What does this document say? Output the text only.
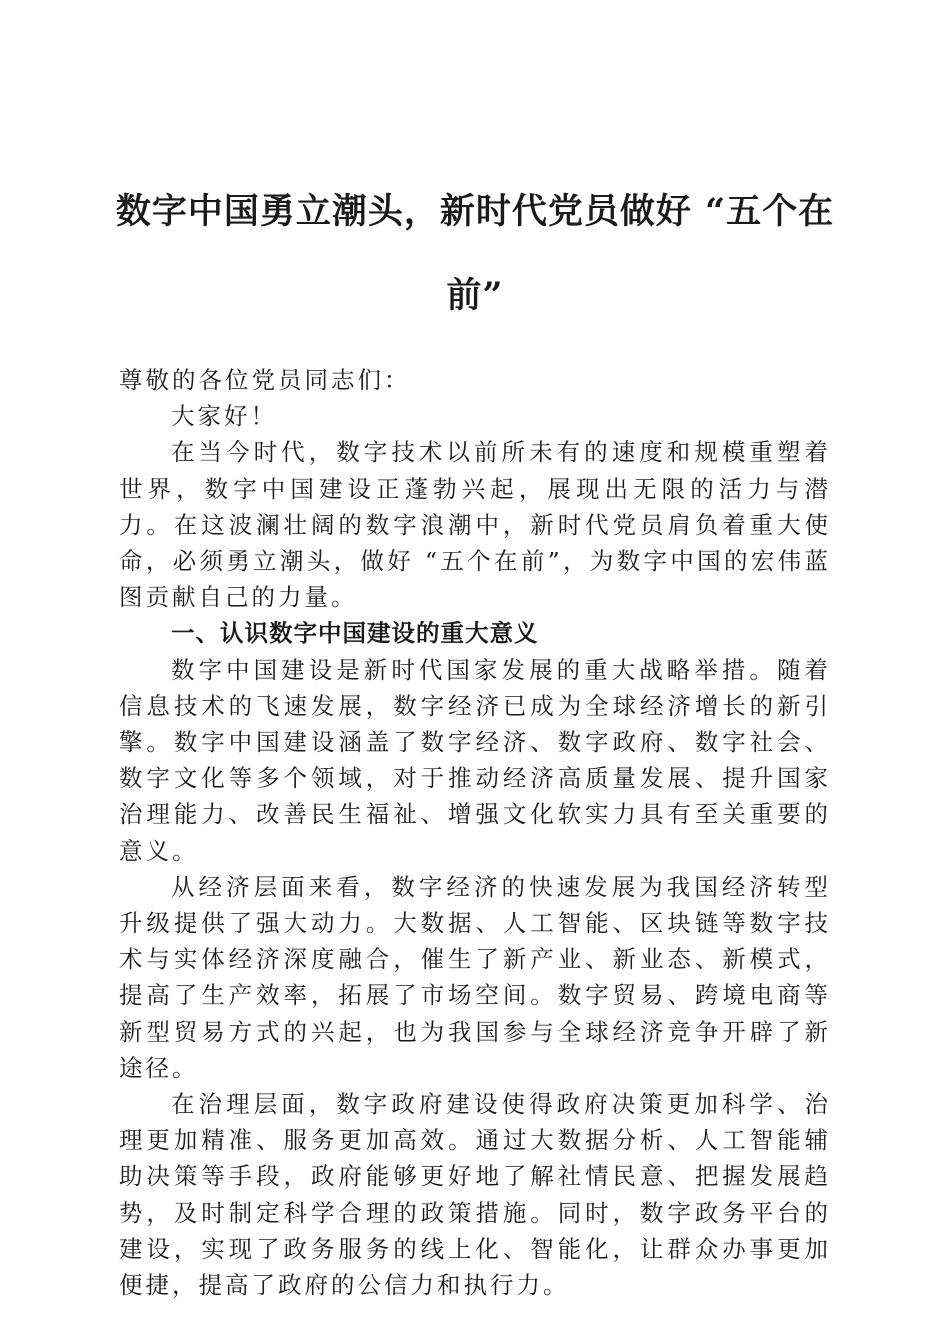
数字中国勇立潮头，新时代党员做好 “五个在前”

尊敬的各位党员同志们：

大家好！

在当今时代，数字技术以前所未有的速度和规模重塑着世界，数字中国建设正蓬勃兴起，展现出无限的活力与潜力。在这波澜壮阔的数字浪潮中，新时代党员肩负着重大使命，必须勇立潮头，做好 “五个在前”，为数字中国的宏伟蓝图贡献自己的力量。

一、认识数字中国建设的重大意义

数字中国建设是新时代国家发展的重大战略举措。随着信息技术的飞速发展，数字经济已成为全球经济增长的新引擎。数字中国建设涵盖了数字经济、数字政府、数字社会、数字文化等多个领域，对于推动经济高质量发展、提升国家治理能力、改善民生福祉、增强文化软实力具有至关重要的意义。

从经济层面来看，数字经济的快速发展为我国经济转型升级提供了强大动力。大数据、人工智能、区块链等数字技术与实体经济深度融合，催生了新产业、新业态、新模式，提高了生产效率，拓展了市场空间。数字贸易、跨境电商等新型贸易方式的兴起，也为我国参与全球经济竞争开辟了新途径。

在治理层面，数字政府建设使得政府决策更加科学、治理更加精准、服务更加高效。通过大数据分析、人工智能辅助决策等手段，政府能够更好地了解社情民意、把握发展趋势，及时制定科学合理的政策措施。同时，数字政务平台的建设，实现了政务服务的线上化、智能化，让群众办事更加便捷，提高了政府的公信力和执行力。
